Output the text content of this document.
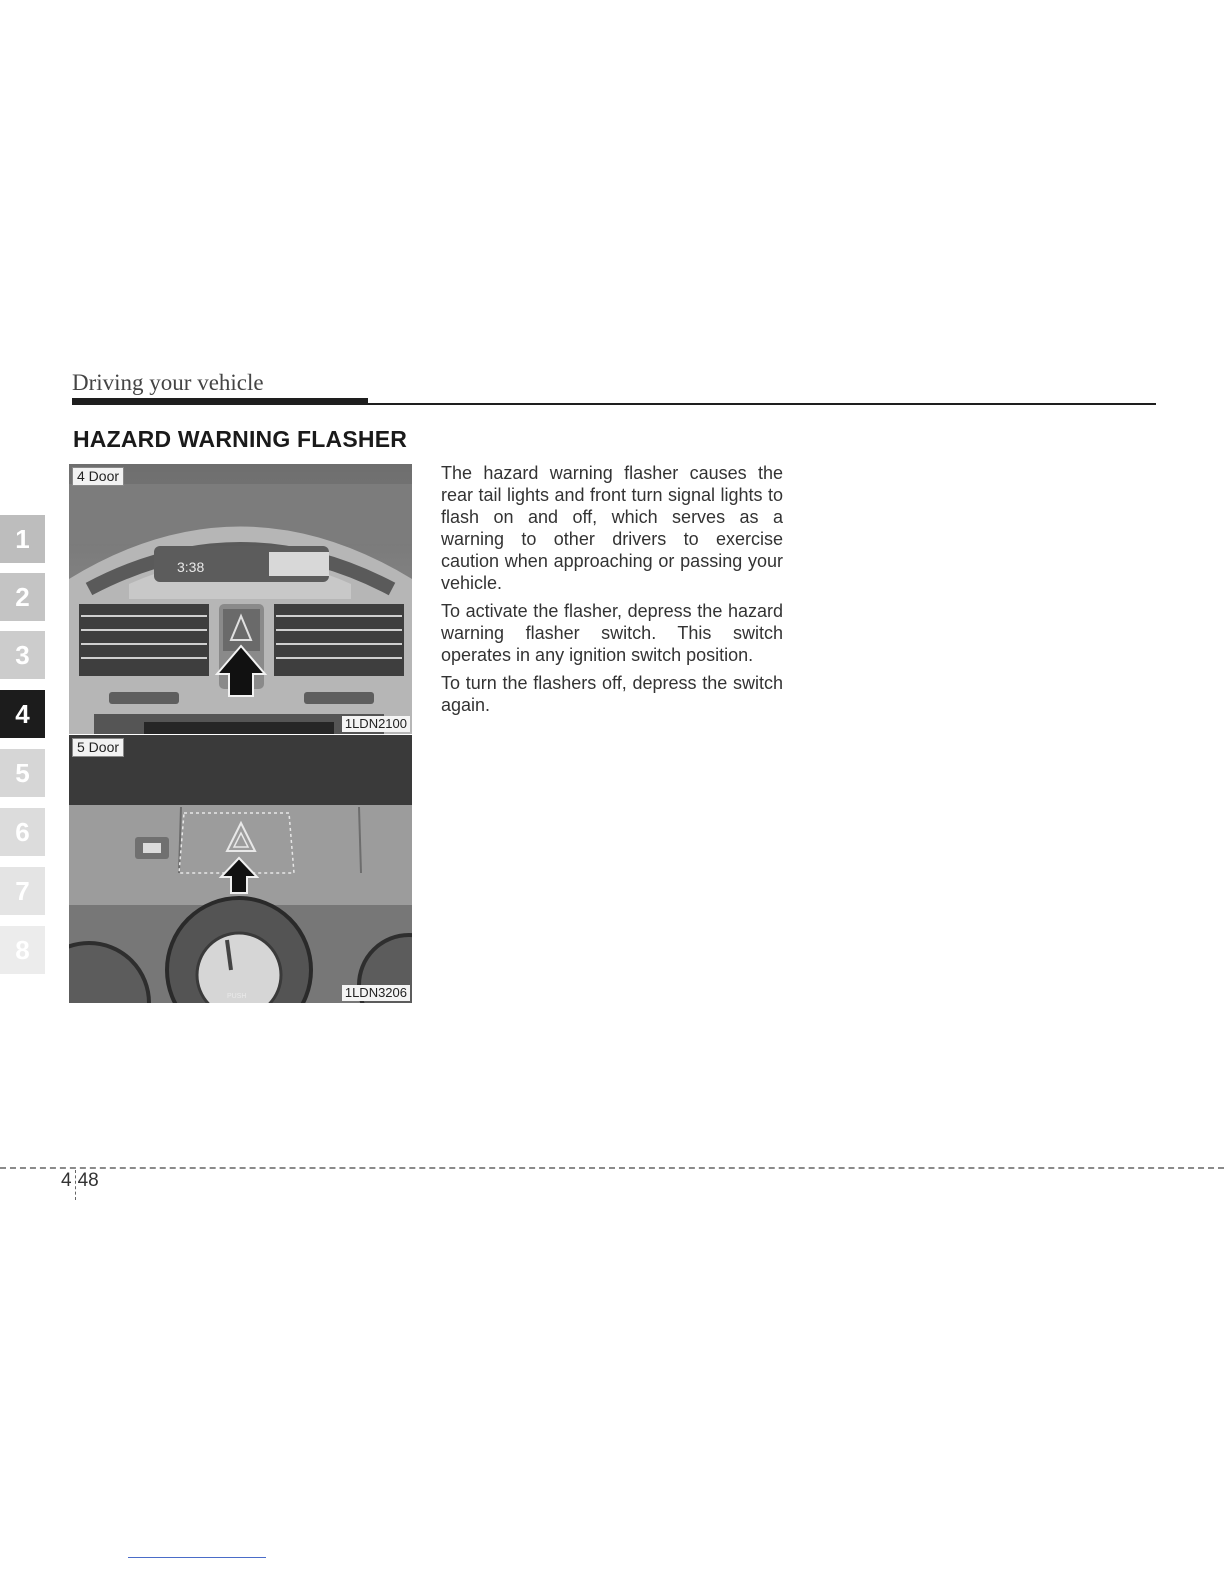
Driving your vehicle
HAZARD WARNING FLASHER
1
2
3
4
5
6
7
8
3:38
4 Door
1LDN2100
PUSH
5 Door
1LDN3206

The hazard warning flasher causes the rear tail lights and front turn signal lights to flash on and off, which serves as a warning to other drivers to exercise caution when approaching or passing your vehicle.

To activate the flasher, depress the hazard warning flasher switch. This switch operates in any ignition switch position.

To turn the flashers off, depress the switch again.

4 48
